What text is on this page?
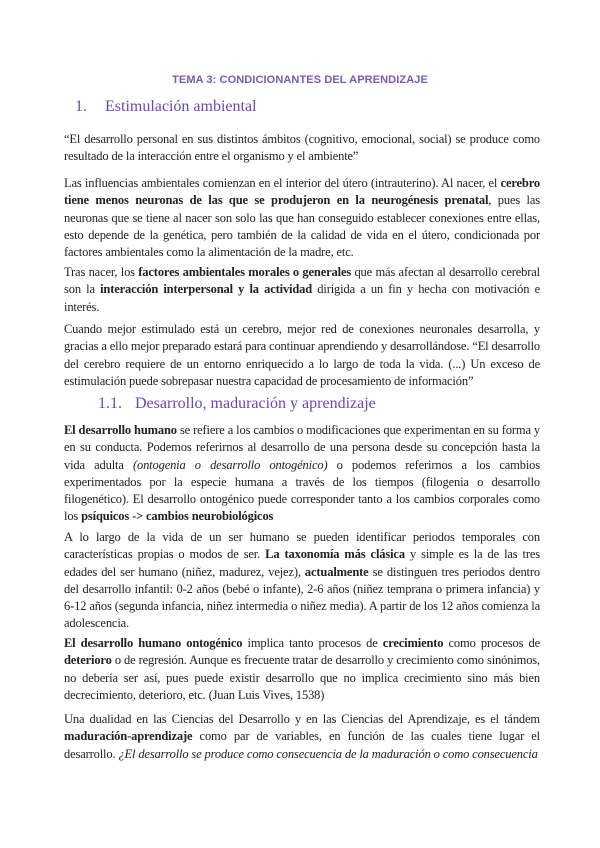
TEMA 3: CONDICIONANTES DEL APRENDIZAJE
1. Estimulación ambiental

“El desarrollo personal en sus distintos ámbitos (cognitivo, emocional, social) se produce como resultado de la interacción entre el organismo y el ambiente”

Las influencias ambientales comienzan en el interior del útero (intrauterino). Al nacer, el cerebro tiene menos neuronas de las que se produjeron en la neurogénesis prenatal, pues las neuronas que se tiene al nacer son solo las que han conseguido establecer conexiones entre ellas, esto depende de la genética, pero también de la calidad de vida en el útero, condicionada por factores ambientales como la alimentación de la madre, etc.

Tras nacer, los factores ambientales morales o generales que más afectan al desarrollo cerebral son la interacción interpersonal y la actividad dirigida a un fin y hecha con motivación e interés.

Cuando mejor estimulado está un cerebro, mejor red de conexiones neuronales desarrolla, y gracias a ello mejor preparado estará para continuar aprendiendo y desarrollándose. “El desarrollo del cerebro requiere de un entorno enriquecido a lo largo de toda la vida. (...) Un exceso de estimulación puede sobrepasar nuestra capacidad de procesamiento de información”

1.1. Desarrollo, maduración y aprendizaje

El desarrollo humano se refiere a los cambios o modificaciones que experimentan en su forma y en su conducta. Podemos referirnos al desarrollo de una persona desde su concepción hasta la vida adulta (ontogenia o desarrollo ontogénico) o podemos referirnos a los cambios experimentados por la especie humana a través de los tiempos (filogenia o desarrollo filogenético). El desarrollo ontogénico puede corresponder tanto a los cambios corporales como los psíquicos -> cambios neurobiológicos

A lo largo de la vida de un ser humano se pueden identificar periodos temporales con características propias o modos de ser. La taxonomía más clásica y simple es la de las tres edades del ser humano (niñez, madurez, vejez), actualmente se distinguen tres periodos dentro del desarrollo infantil: 0-2 años (bebé o infante), 2-6 años (niñez temprana o primera infancia) y 6-12 años (segunda infancia, niñez intermedia o niñez media). A partir de los 12 años comienza la adolescencia.

El desarrollo humano ontogénico implica tanto procesos de crecimiento como procesos de deterioro o de regresión. Aunque es frecuente tratar de desarrollo y crecimiento como sinónimos, no debería ser así, pues puede existir desarrollo que no implica crecimiento sino más bien decrecimiento, deterioro, etc. (Juan Luis Vives, 1538)

Una dualidad en las Ciencias del Desarrollo y en las Ciencias del Aprendizaje, es el tándem maduración-aprendizaje como par de variables, en función de las cuales tiene lugar el desarrollo. ¿El desarrollo se produce como consecuencia de la maduración o como consecuencia
